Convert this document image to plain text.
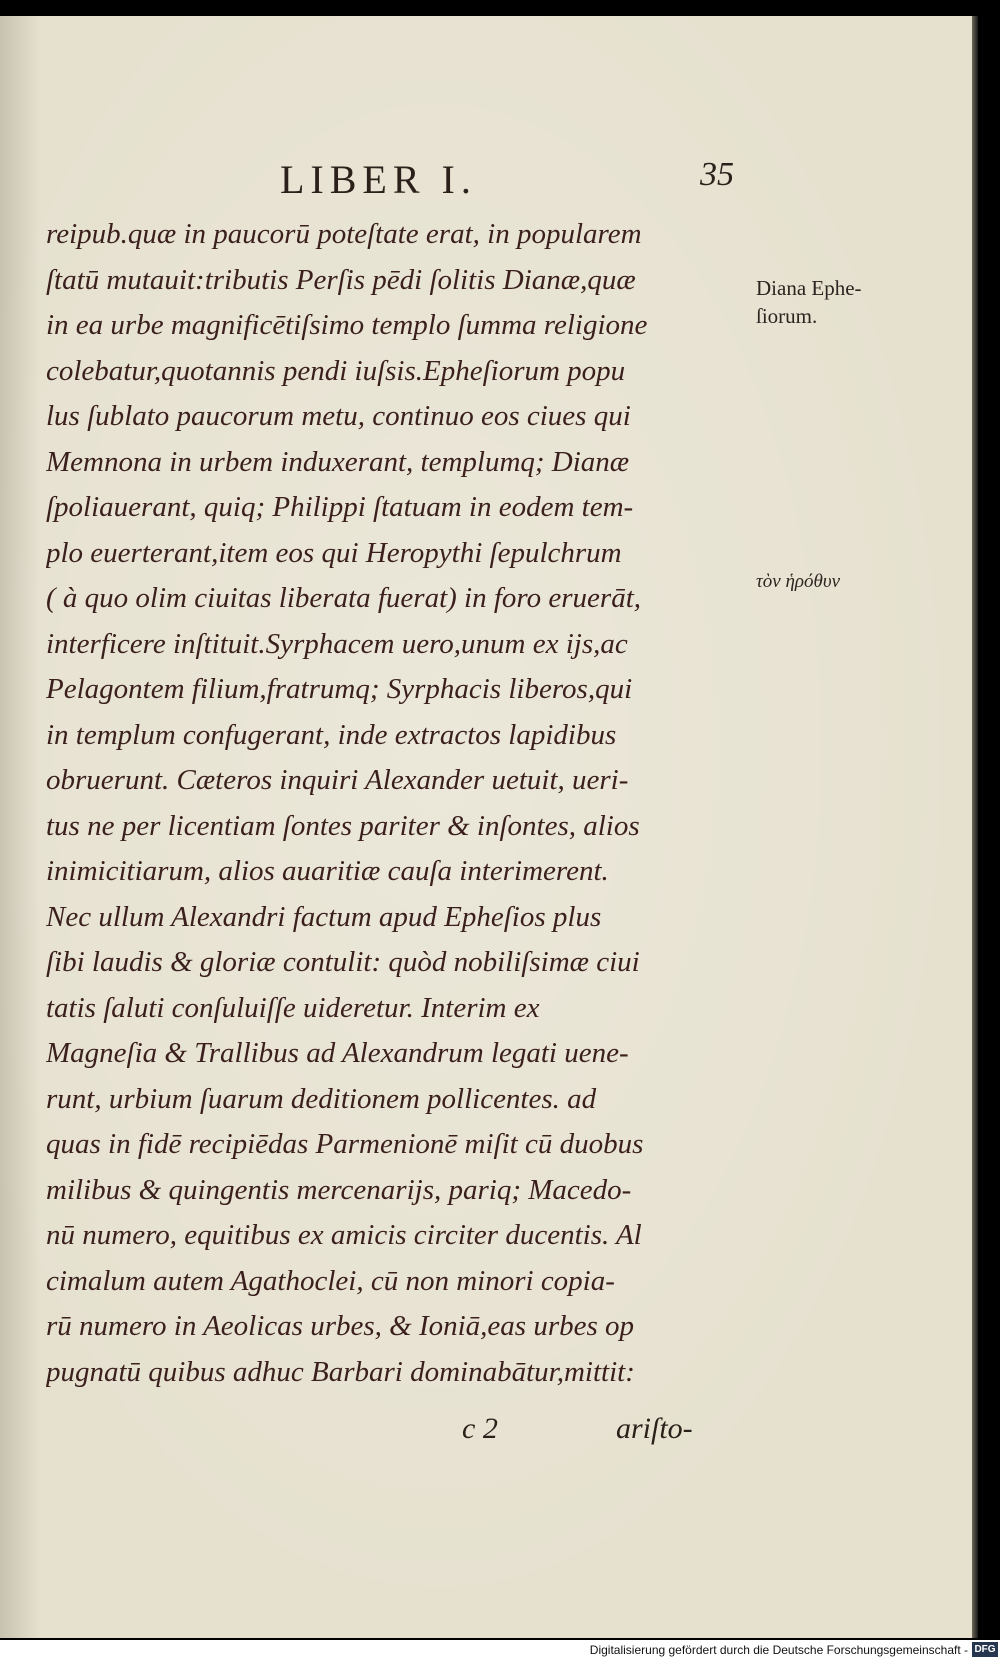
LIBER I.	35
reipub.quæ in paucorū poteſtate erat, in popularem
ſtatū mutauit:tributis Perſis pēdi ſolitis Dianæ,quæ
in ea urbe magnificētiſsimo templo ſumma religione
colebatur,quotannis pendi iuſsis.Epheſiorum popu
lus ſublato paucorum metu, continuo eos ciues qui
Memnona in urbem induxerant, templumq; Dianæ
ſpoliauerant, quiq; Philippi ſtatuam in eodem tem-
plo euerterant,item eos qui Heropythi ſepulchrum
( à quo olim ciuitas liberata fuerat) in foro eruerāt,
interficere inſtituit.Syrphacem uero,unum ex ijs,ac
Pelagontem filium,fratrumq; Syrphacis liberos,qui
in templum confugerant, inde extractos lapidibus
obruerunt. Cæteros inquiri Alexander uetuit, ueri-
tus ne per licentiam ſontes pariter & inſontes, alios
inimicitiarum, alios auaritiæ cauſa interimerent.
Nec ullum Alexandri factum apud Epheſios plus
ſibi laudis & gloriæ contulit: quòd nobiliſsimæ ciui
tatis ſaluti conſuluiſſe uideretur. Interim ex
Magneſia & Trallibus ad Alexandrum legati uene-
runt, urbium ſuarum deditionem pollicentes. ad
quas in fidē recipiēdas Parmenionē miſit cū duobus
milibus & quingentis mercenarijs, pariq; Macedo-
nū numero, equitibus ex amicis circiter ducentis. Al
cimalum autem Agathoclei, cū non minori copia-
rū numero in Aeolicas urbes, & Ioniā,eas urbes op
pugnatū quibus adhuc Barbari dominabātur,mittit:
Diana Ephe-
ſiorum.
τὸν ἡρόθυν
c 2	ariſto-
Digitalisierung gefördert durch die Deutsche Forschungsgemeinschaft - DFG
